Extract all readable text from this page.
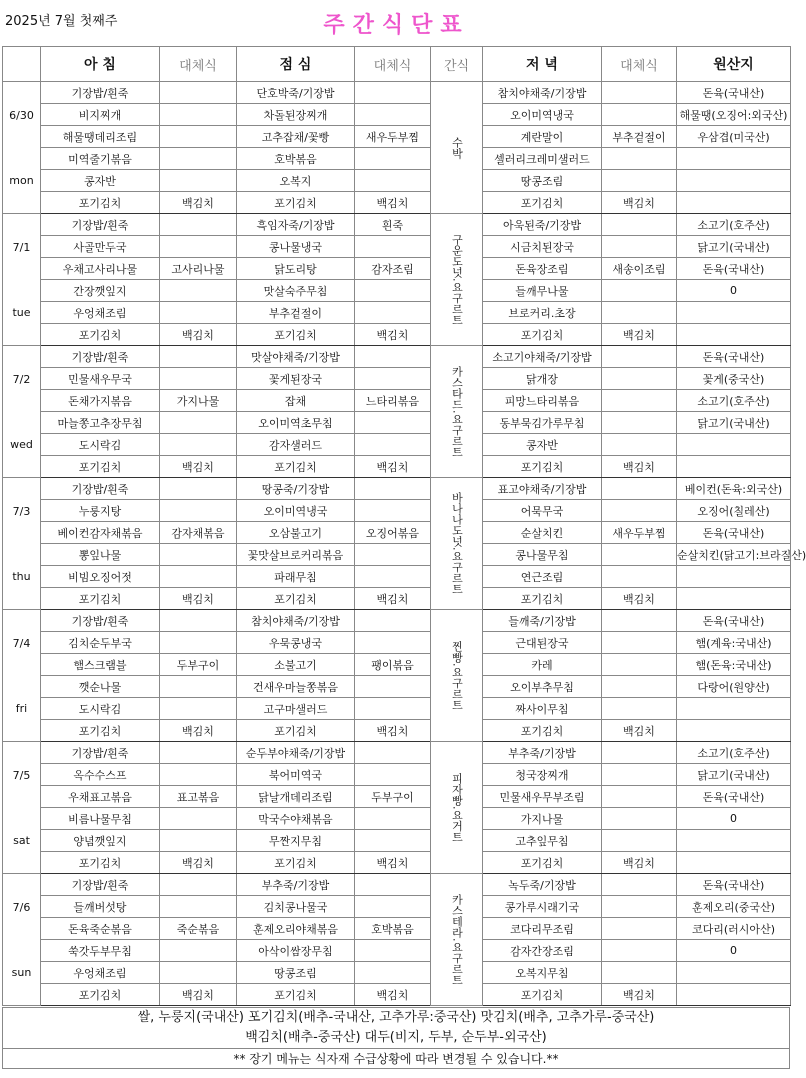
2025년 7월 첫째주	주간식단표
	아 침	대체식	점 심	대체식	간식	저 녁	대체식	원산지

6/30
mon	기장밥/흰죽		단호박죽/기장밥		수박	참치야채죽/기장밥		돈육(국내산)
	비지찌개		차돌된장찌개			오이미역냉국		해물땡(오징어:외국산)
	해물땡데리조림		고추잡채/꽃빵	새우두부찜		계란말이	부추겉절이	우삼겹(미국산)
	미역줄기볶음		호박볶음			셀러리크레미샐러드		
	콩자반		오복지			땅콩조림		
	포기김치	백김치	포기김치	백김치		포기김치	백김치	

7/1
tue	기장밥/흰죽		흑임자죽/기장밥	흰죽	구운도넛.요구르트	아욱된죽/기장밥		소고기(호주산)
	사골만두국		콩나물냉국			시금치된장국		닭고기(국내산)
	우채고사리나물	고사리나물	닭도리탕	감자조림		돈육장조림	새송이조림	돈육(국내산)
	간장깻잎지		맛살숙주무침			들깨무나물		0
	우엉채조림		부추겉절이			브로커리.초장		
	포기김치	백김치	포기김치	백김치		포기김치	백김치	

7/2
wed	기장밥/흰죽		맛살야채죽/기장밥		카스타드.요구르트	소고기야채죽/기장밥		돈육(국내산)
	민물새우무국		꽃게된장국			닭개장		꽃게(중국산)
	돈채가지볶음	가지나물	잡채	느타리볶음		피망느타리볶음		소고기(호주산)
	마늘쫑고추장무침		오이미역초무침			동부묵김가루무침		닭고기(국내산)
	도시락김		감자샐러드			콩자반		
	포기김치	백김치	포기김치	백김치		포기김치	백김치	

7/3
thu	기장밥/흰죽		땅콩죽/기장밥		바나나도넛.요구르트	표고야채죽/기장밥		베이컨(돈육:외국산)
	누룽지탕		오이미역냉국			어묵무국		오징어(칠레산)
	베이컨감자채볶음	감자채볶음	오삼불고기	오징어볶음		순살치킨	새우두부찜	돈육(국내산)
	뽕잎나물		꽃맛살브로커리볶음			콩나물무침		순살치킨(닭고기:브라질산)
	비빔오징어젓		파래무침			연근조림		
	포기김치	백김치	포기김치	백김치		포기김치	백김치	

7/4
fri	기장밥/흰죽		참치야채죽/기장밥		찐빵.요구르트	들깨죽/기장밥		돈육(국내산)
	김치순두부국		우묵콩냉국			근대된장국		햄(계육:국내산)
	햄스크램블	두부구이	소불고기	팽이볶음		카레		햄(돈육:국내산)
	깻순나물		건새우마늘쫑볶음			오이부추무침		다랑어(원양산)
	도시락김		고구마샐러드			짜사이무침		
	포기김치	백김치	포기김치	백김치		포기김치	백김치	

7/5
sat	기장밥/흰죽		순두부야채죽/기장밥		피자빵.요거트	부추죽/기장밥		소고기(호주산)
	옥수수스프		북어미역국			청국장찌개		닭고기(국내산)
	우채표고볶음	표고볶음	닭날개데리조림	두부구이		민물새우무부조림		돈육(국내산)
	비름나물무침		막국수야채볶음			가지나물		0
	양념깻잎지		무짠지무침			고추잎무침		
	포기김치	백김치	포기김치	백김치		포기김치	백김치	

7/6
sun	기장밥/흰죽		부추죽/기장밥		카스테라.요구르트	녹두죽/기장밥		돈육(국내산)
	들깨버섯탕		김치콩나물국			콩가루시래기국		훈제오리(중국산)
	돈육죽순볶음	죽순볶음	훈제오리야채볶음	호박볶음		코다리무조림		코다리(러시아산)
	쑥갓두부무침		아삭이쌈장무침			감자간장조림		0
	우엉채조림		땅콩조림			오복지무침		
	포기김치	백김치	포기김치	백김치		포기김치	백김치	
쌀, 누룽지(국내산) 포기김치(배추-국내산, 고추가루:중국산) 맛김치(배추, 고추가루-중국산)
백김치(배추-중국산) 대두(비지, 두부, 순두부-외국산)
** 장기 메뉴는 식자재 수급상황에 따라 변경될 수 있습니다.**
